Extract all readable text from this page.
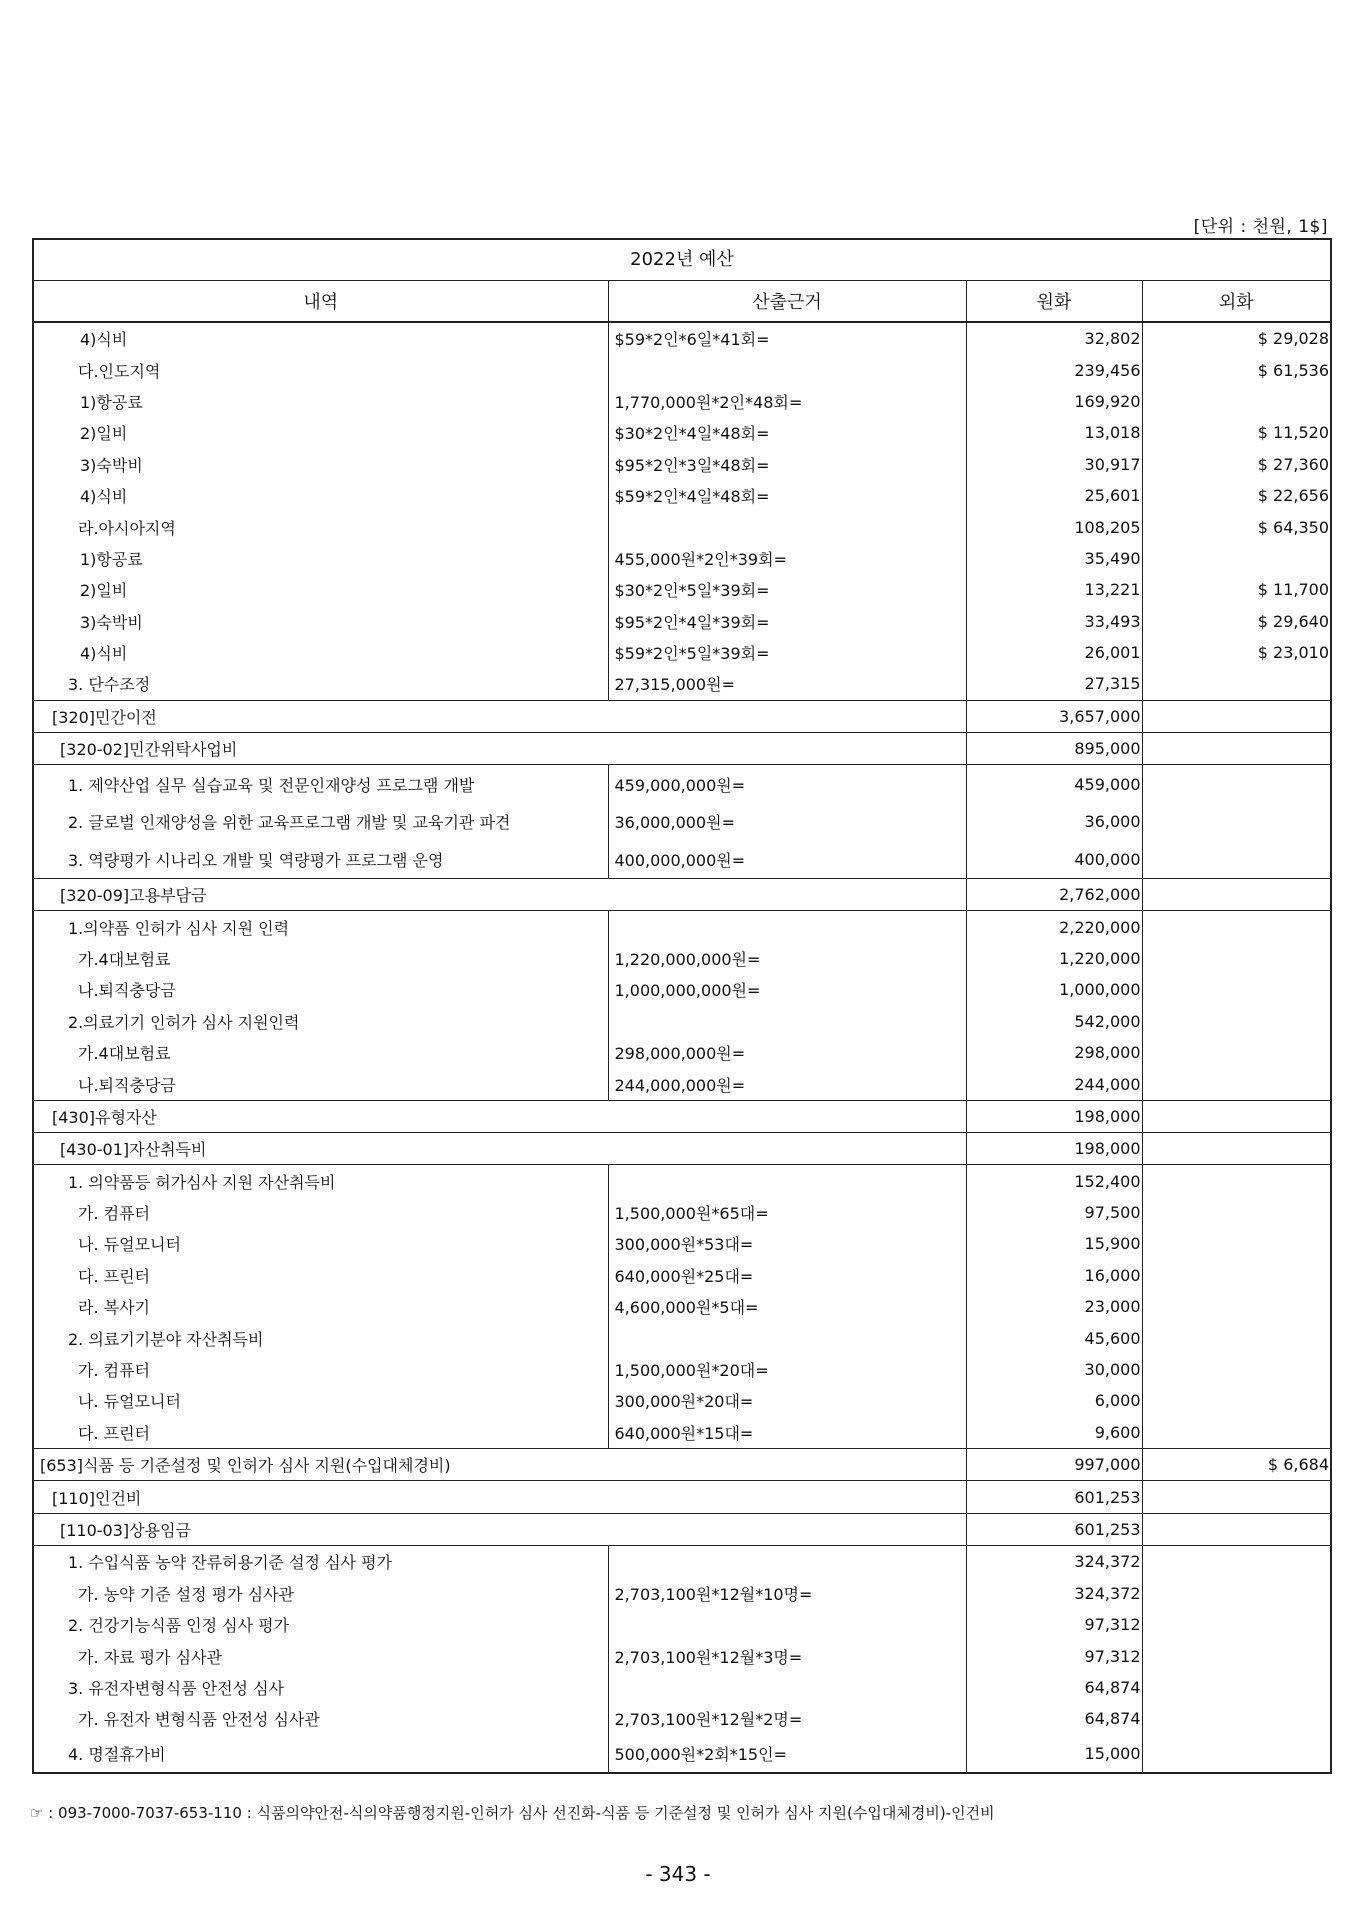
[단위 : 천원, 1$]
2022년 예산
내역	산출근거	원화	외화
4)식비	$59*2인*6일*41회=	32,802	$ 29,028
다.인도지역		239,456	$ 61,536
1)항공료	1,770,000원*2인*48회=	169,920	
2)일비	$30*2인*4일*48회=	13,018	$ 11,520
3)숙박비	$95*2인*3일*48회=	30,917	$ 27,360
4)식비	$59*2인*4일*48회=	25,601	$ 22,656
라.아시아지역		108,205	$ 64,350
1)항공료	455,000원*2인*39회=	35,490	
2)일비	$30*2인*5일*39회=	13,221	$ 11,700
3)숙박비	$95*2인*4일*39회=	33,493	$ 29,640
4)식비	$59*2인*5일*39회=	26,001	$ 23,010
3. 단수조정	27,315,000원=	27,315	
[320]민간이전		3,657,000	
[320-02]민간위탁사업비		895,000	
1. 제약산업 실무 실습교육 및 전문인재양성 프로그램 개발	459,000,000원=	459,000	
2. 글로벌 인재양성을 위한 교육프로그램 개발 및 교육기관 파견	36,000,000원=	36,000	
3. 역량평가 시나리오 개발 및 역량평가 프로그램 운영	400,000,000원=	400,000	
[320-09]고용부담금		2,762,000	
1.의약품 인허가 심사 지원 인력		2,220,000	
가.4대보험료	1,220,000,000원=	1,220,000	
나.퇴직충당금	1,000,000,000원=	1,000,000	
2.의료기기 인허가 심사 지원인력		542,000	
가.4대보험료	298,000,000원=	298,000	
나.퇴직충당금	244,000,000원=	244,000	
[430]유형자산		198,000	
[430-01]자산취득비		198,000	
1. 의약품등 허가심사 지원 자산취득비		152,400	
가. 컴퓨터	1,500,000원*65대=	97,500	
나. 듀얼모니터	300,000원*53대=	15,900	
다. 프린터	640,000원*25대=	16,000	
라. 복사기	4,600,000원*5대=	23,000	
2. 의료기기분야 자산취득비		45,600	
가. 컴퓨터	1,500,000원*20대=	30,000	
나. 듀얼모니터	300,000원*20대=	6,000	
다. 프린터	640,000원*15대=	9,600	
[653]식품 등 기준설정 및 인허가 심사 지원(수입대체경비)		997,000	$ 6,684
[110]인건비		601,253	
[110-03]상용임금		601,253	
1. 수입식품 농약 잔류허용기준 설정 심사 평가		324,372	
가. 농약 기준 설정 평가 심사관	2,703,100원*12월*10명=	324,372	
2. 건강기능식품 인정 심사 평가		97,312	
가. 자료 평가 심사관	2,703,100원*12월*3명=	97,312	
3. 유전자변형식품 안전성 심사		64,874	
가. 유전자 변형식품 안전성 심사관	2,703,100원*12월*2명=	64,874	
4. 명절휴가비	500,000원*2회*15인=	15,000	
☞ : 093-7000-7037-653-110 : 식품의약안전-식의약품행정지원-인허가 심사 선진화-식품 등 기준설정 및 인허가 심사 지원(수입대체경비)-인건비
- 343 -
